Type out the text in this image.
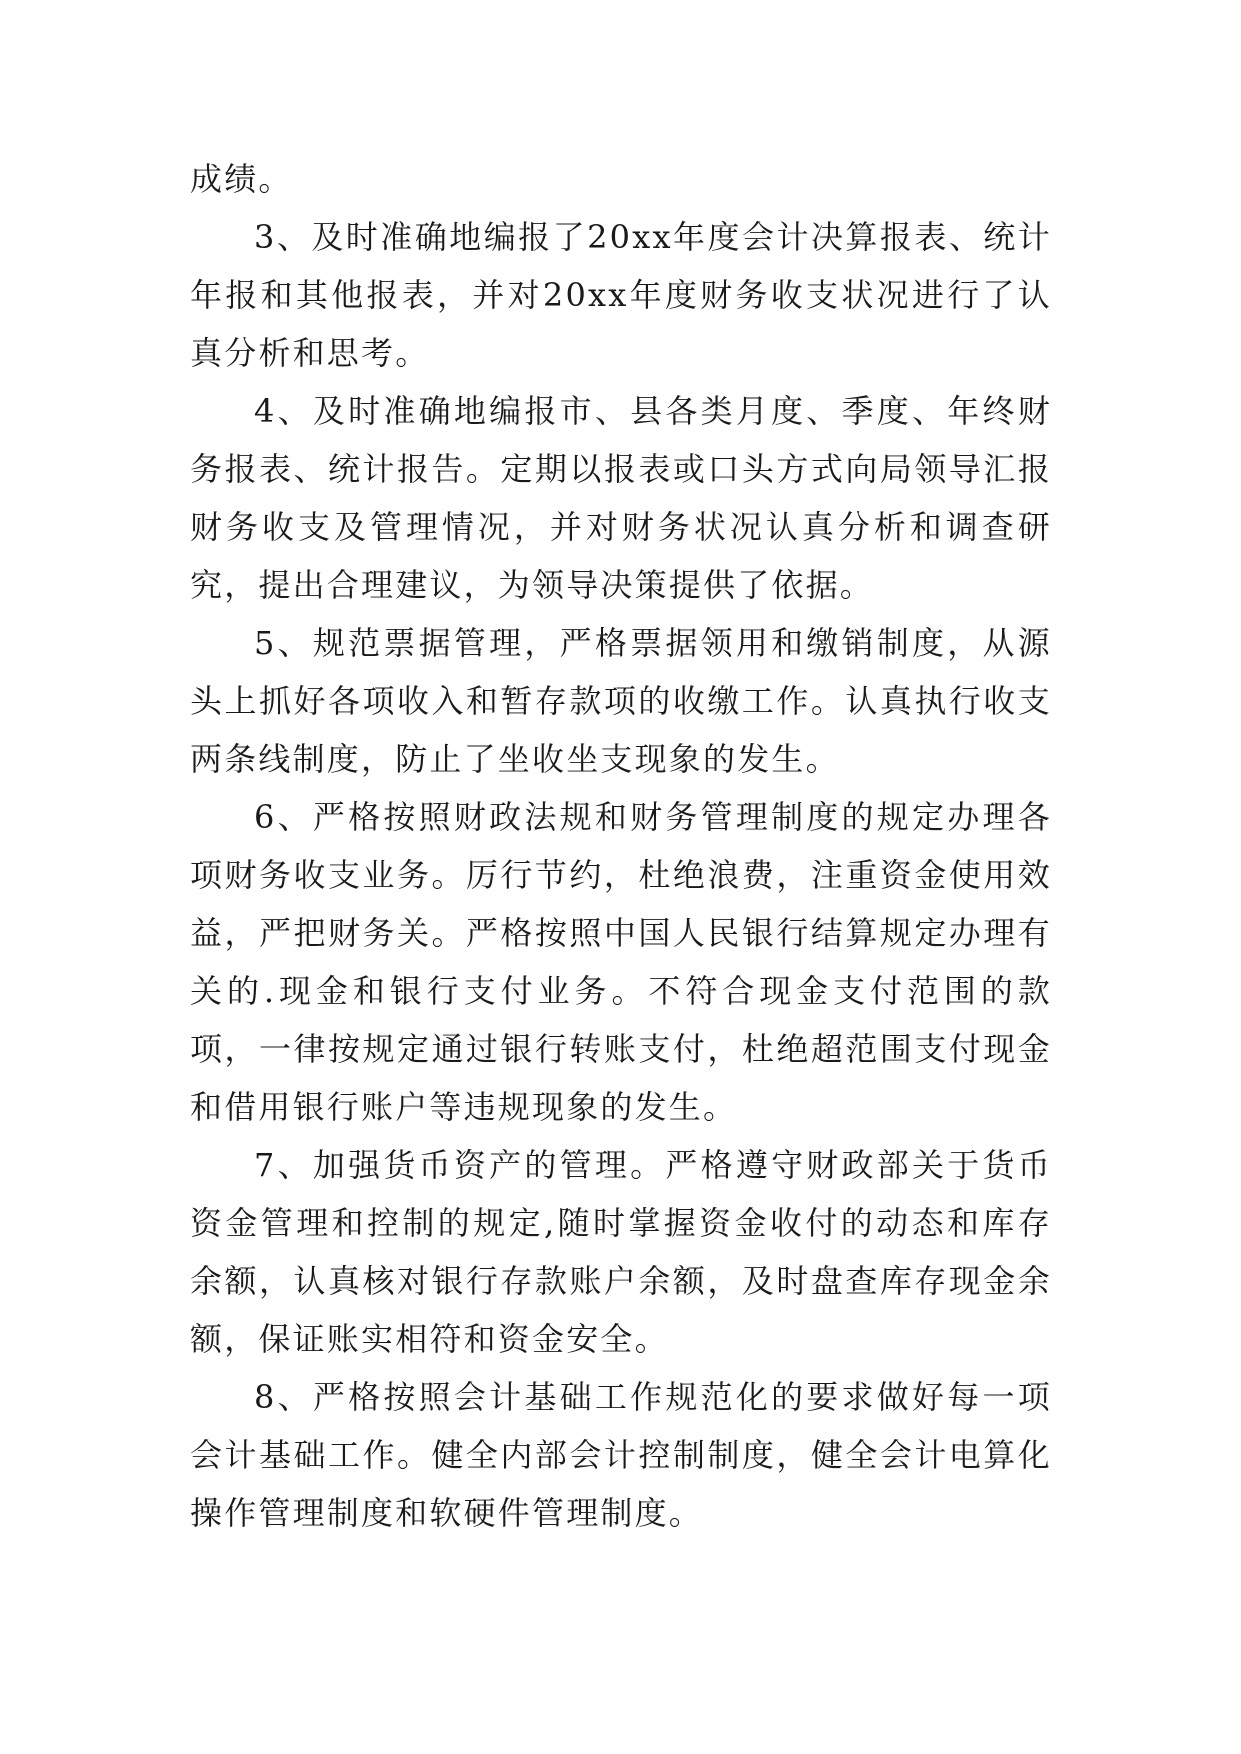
成绩。

3、及时准确地编报了20xx年度会计决算报表、统计年报和其他报表，并对20xx年度财务收支状况进行了认真分析和思考。

4、及时准确地编报市、县各类月度、季度、年终财务报表、统计报告。定期以报表或口头方式向局领导汇报财务收支及管理情况，并对财务状况认真分析和调查研究，提出合理建议，为领导决策提供了依据。

5、规范票据管理，严格票据领用和缴销制度，从源头上抓好各项收入和暂存款项的收缴工作。认真执行收支两条线制度，防止了坐收坐支现象的发生。

6、严格按照财政法规和财务管理制度的规定办理各项财务收支业务。厉行节约，杜绝浪费，注重资金使用效益，严把财务关。严格按照中国人民银行结算规定办理有关的.现金和银行支付业务。不符合现金支付范围的款项，一律按规定通过银行转账支付，杜绝超范围支付现金和借用银行账户等违规现象的发生。

7、加强货币资产的管理。严格遵守财政部关于货币资金管理和控制的规定,随时掌握资金收付的动态和库存余额，认真核对银行存款账户余额，及时盘查库存现金余额，保证账实相符和资金安全。

8、严格按照会计基础工作规范化的要求做好每一项会计基础工作。健全内部会计控制制度，健全会计电算化操作管理制度和软硬件管理制度。
